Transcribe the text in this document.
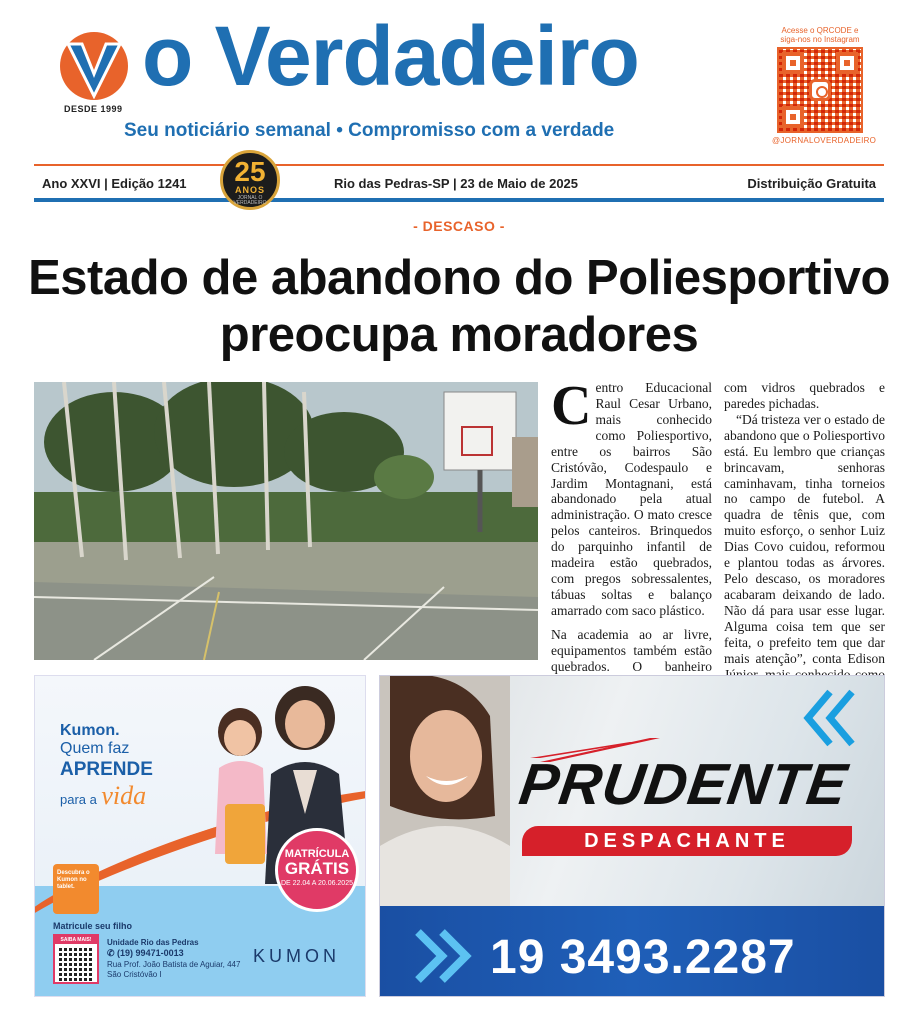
DESDE 1999
o Verdadeiro
Seu noticiário semanal • Compromisso com a verdade
Acesse o QRCODE e siga-nos no Instagram
@JORNALOVERDADEIRO
Ano XXVI | Edição 1241	Rio das Pedras-SP | 23 de Maio de 2025	Distribuição Gratuita
25
ANOS
JORNAL O VERDADEIRO
- DESCASO -
Estado de abandono do Poliesportivo preocupa moradores

Centro Educacional Raul Cesar Urbano, mais conhecido como Poliesportivo, entre os bairros São Cristóvão, Codespaulo e Jardim Montagnani, está abandonado pela atual administração. O mato cresce pelos canteiros. Brinquedos do parquinho infantil de madeira estão quebrados, com pregos sobressalentes, tábuas soltas e balanço amarrado com saco plástico.

Na academia ao ar livre, equipamentos também estão quebrados. O banheiro

com vidros quebrados e paredes pichadas.

“Dá tristeza ver o estado de abandono que o Poliesportivo está. Eu lembro que crianças brincavam, senhoras caminhavam, tinha torneios no campo de futebol. A quadra de tênis que, com muito esforço, o senhor Luiz Dias Covo cuidou, reformou e plantou todas as árvores. Pelo descaso, os moradores acabaram deixando de lado. Não dá para usar esse lugar. Alguma coisa tem que ser feita, o prefeito tem que dar mais atenção”, conta Edison

Kumon.
Quem faz
APRENDE
para a vida
MATRÍCULA
GRÁTIS
DE 22.04 A 20.06.2025
Descubra o Kumon no tablet.
Matricule seu filho
SAIBA MAIS!	Unidade Rio das Pedras
✆ (19) 99471-0013
Rua Prof. João Batista de Aguiar, 447
São Cristóvão I
KUMON
PRUDENTE
DESPACHANTE
19 3493.2287
